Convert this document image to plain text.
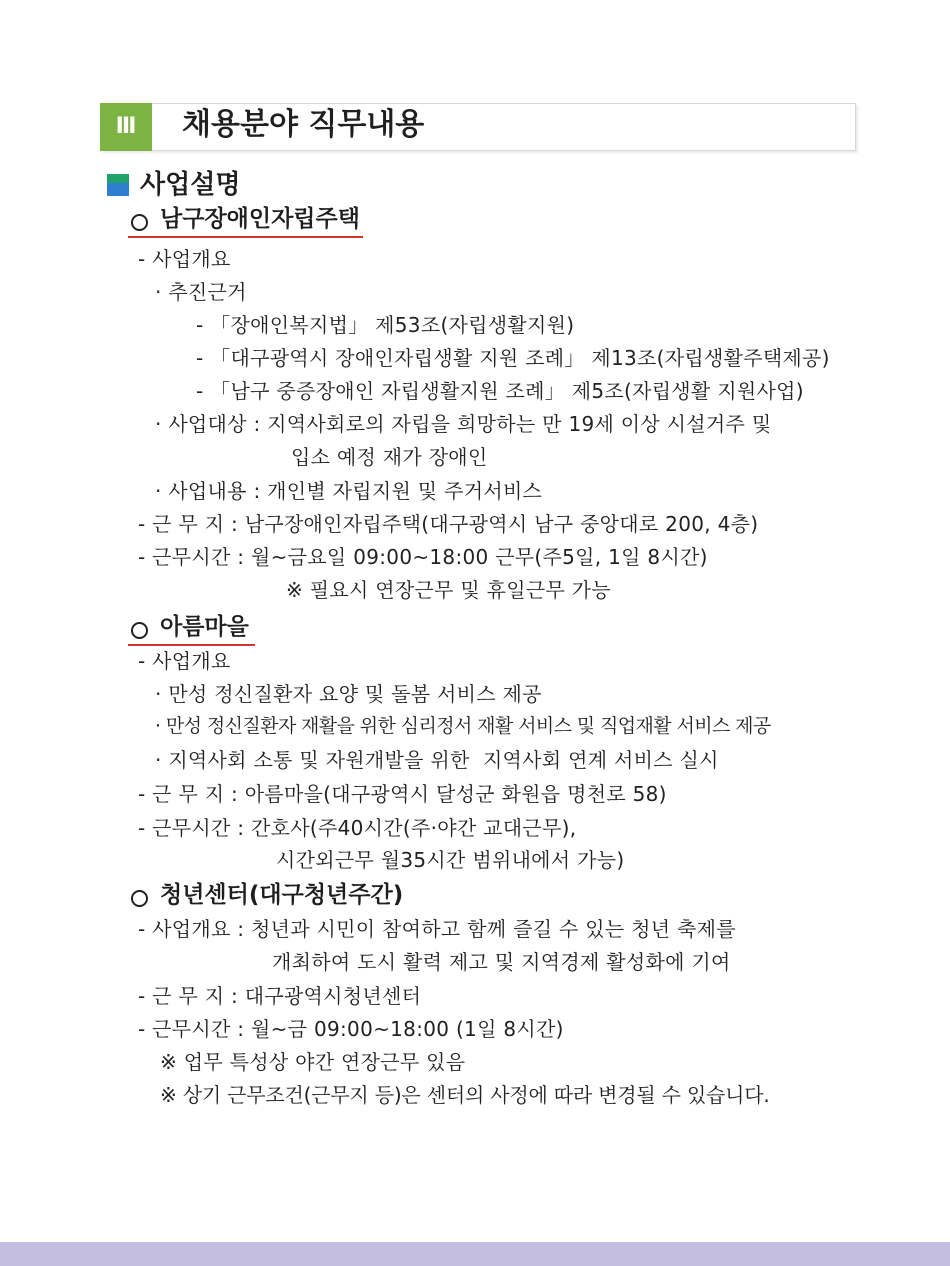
Ⅲ	채용분야 직무내용
사업설명
남구장애인자립주택
- 사업개요
· 추진근거
- 「장애인복지법」 제53조(자립생활지원)
- 「대구광역시 장애인자립생활 지원 조례」 제13조(자립생활주택제공)
- 「남구 중증장애인 자립생활지원 조례」 제5조(자립생활 지원사업)
· 사업대상 : 지역사회로의 자립을 희망하는 만 19세 이상 시설거주 및
입소 예정 재가 장애인
· 사업내용 : 개인별 자립지원 및 주거서비스
- 근 무 지 : 남구장애인자립주택(대구광역시 남구 중앙대로 200, 4층)
- 근무시간 : 월~금요일 09:00~18:00 근무(주5일, 1일 8시간)
※ 필요시 연장근무 및 휴일근무 가능
아름마을
- 사업개요
· 만성 정신질환자 요양 및 돌봄 서비스 제공
· 만성 정신질환자 재활을 위한 심리정서 재활 서비스 및 직업재활 서비스 제공
· 지역사회 소통 및 자원개발을 위한  지역사회 연계 서비스 실시
- 근 무 지 : 아름마을(대구광역시 달성군 화원읍 명천로 58)
- 근무시간 : 간호사(주40시간(주·야간 교대근무),
시간외근무 월35시간 범위내에서 가능)
청년센터(대구청년주간)
- 사업개요 : 청년과 시민이 참여하고 함께 즐길 수 있는 청년 축제를
개최하여 도시 활력 제고 및 지역경제 활성화에 기여
- 근 무 지 : 대구광역시청년센터
- 근무시간 : 월~금 09:00~18:00 (1일 8시간)
※ 업무 특성상 야간 연장근무 있음
※ 상기 근무조건(근무지 등)은 센터의 사정에 따라 변경될 수 있습니다.
